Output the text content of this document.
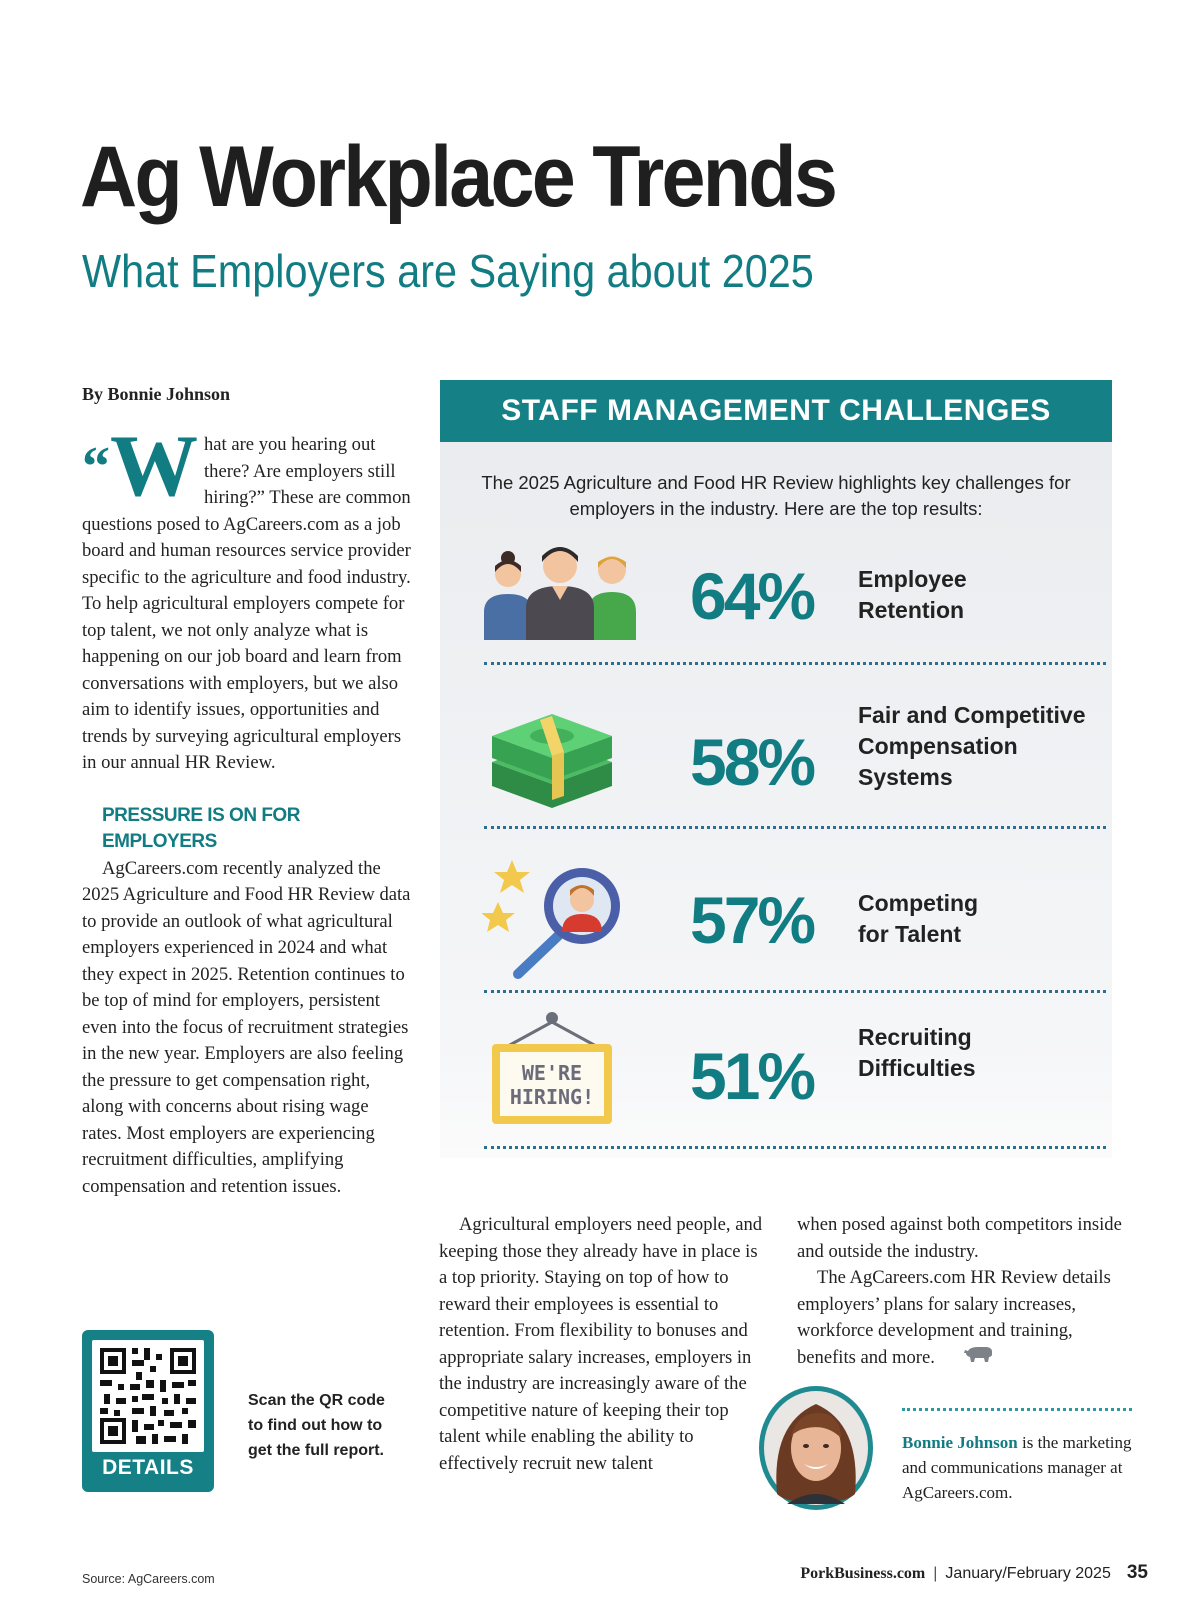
Ag Workplace Trends
What Employers are Saying about 2025
By Bonnie Johnson
“W hat are you hearing out there? Are employers still hiring?” These are common questions posed to AgCareers.com as a job board and human resources service provider specific to the agriculture and food industry. To help agricultural employers compete for top talent, we not only analyze what is happening on our job board and learn from conversations with employers, but we also aim to identify issues, opportunities and trends by surveying agricultural employers in our annual HR Review.
PRESSURE IS ON FOR EMPLOYERS

AgCareers.com recently analyzed the 2025 Agriculture and Food HR Review data to provide an outlook of what agricultural employers experienced in 2024 and what they expect in 2025. Retention continues to be top of mind for employers, persistent even into the focus of recruitment strategies in the new year. Employers are also feeling the pressure to get compensation right, along with concerns about rising wage rates. Most employers are experiencing recruitment difficulties, amplifying compensation and retention issues.

STAFF MANAGEMENT CHALLENGES
The 2025 Agriculture and Food HR Review highlights key challenges for employers in the industry. Here are the top results:
64% Employee
Retention
58%
Fair and Competitive
Compensation
Systems
57% Competing
for Talent
WE'RE
HIRING! 51%
Recruiting
Difficulties

Agricultural employers need people, and keeping those they already have in place is a top priority. Staying on top of how to reward their employees is essential to retention. From flexibility to bonuses and appropriate salary increases, employers in the industry are increasingly aware of the competitive nature of keeping their top talent while enabling the ability to effectively recruit new talent

when posed against both competitors inside and outside the industry.

The AgCareers.com HR Review details employers’ plans for salary increases, workforce development and training, benefits and more.

DETAILS
Scan the QR code
to find out how to
get the full report.	Bonnie Johnson is the marketing and communications manager at AgCareers.com.
Source: AgCareers.com	PorkBusiness.com | January/February 2025 35
